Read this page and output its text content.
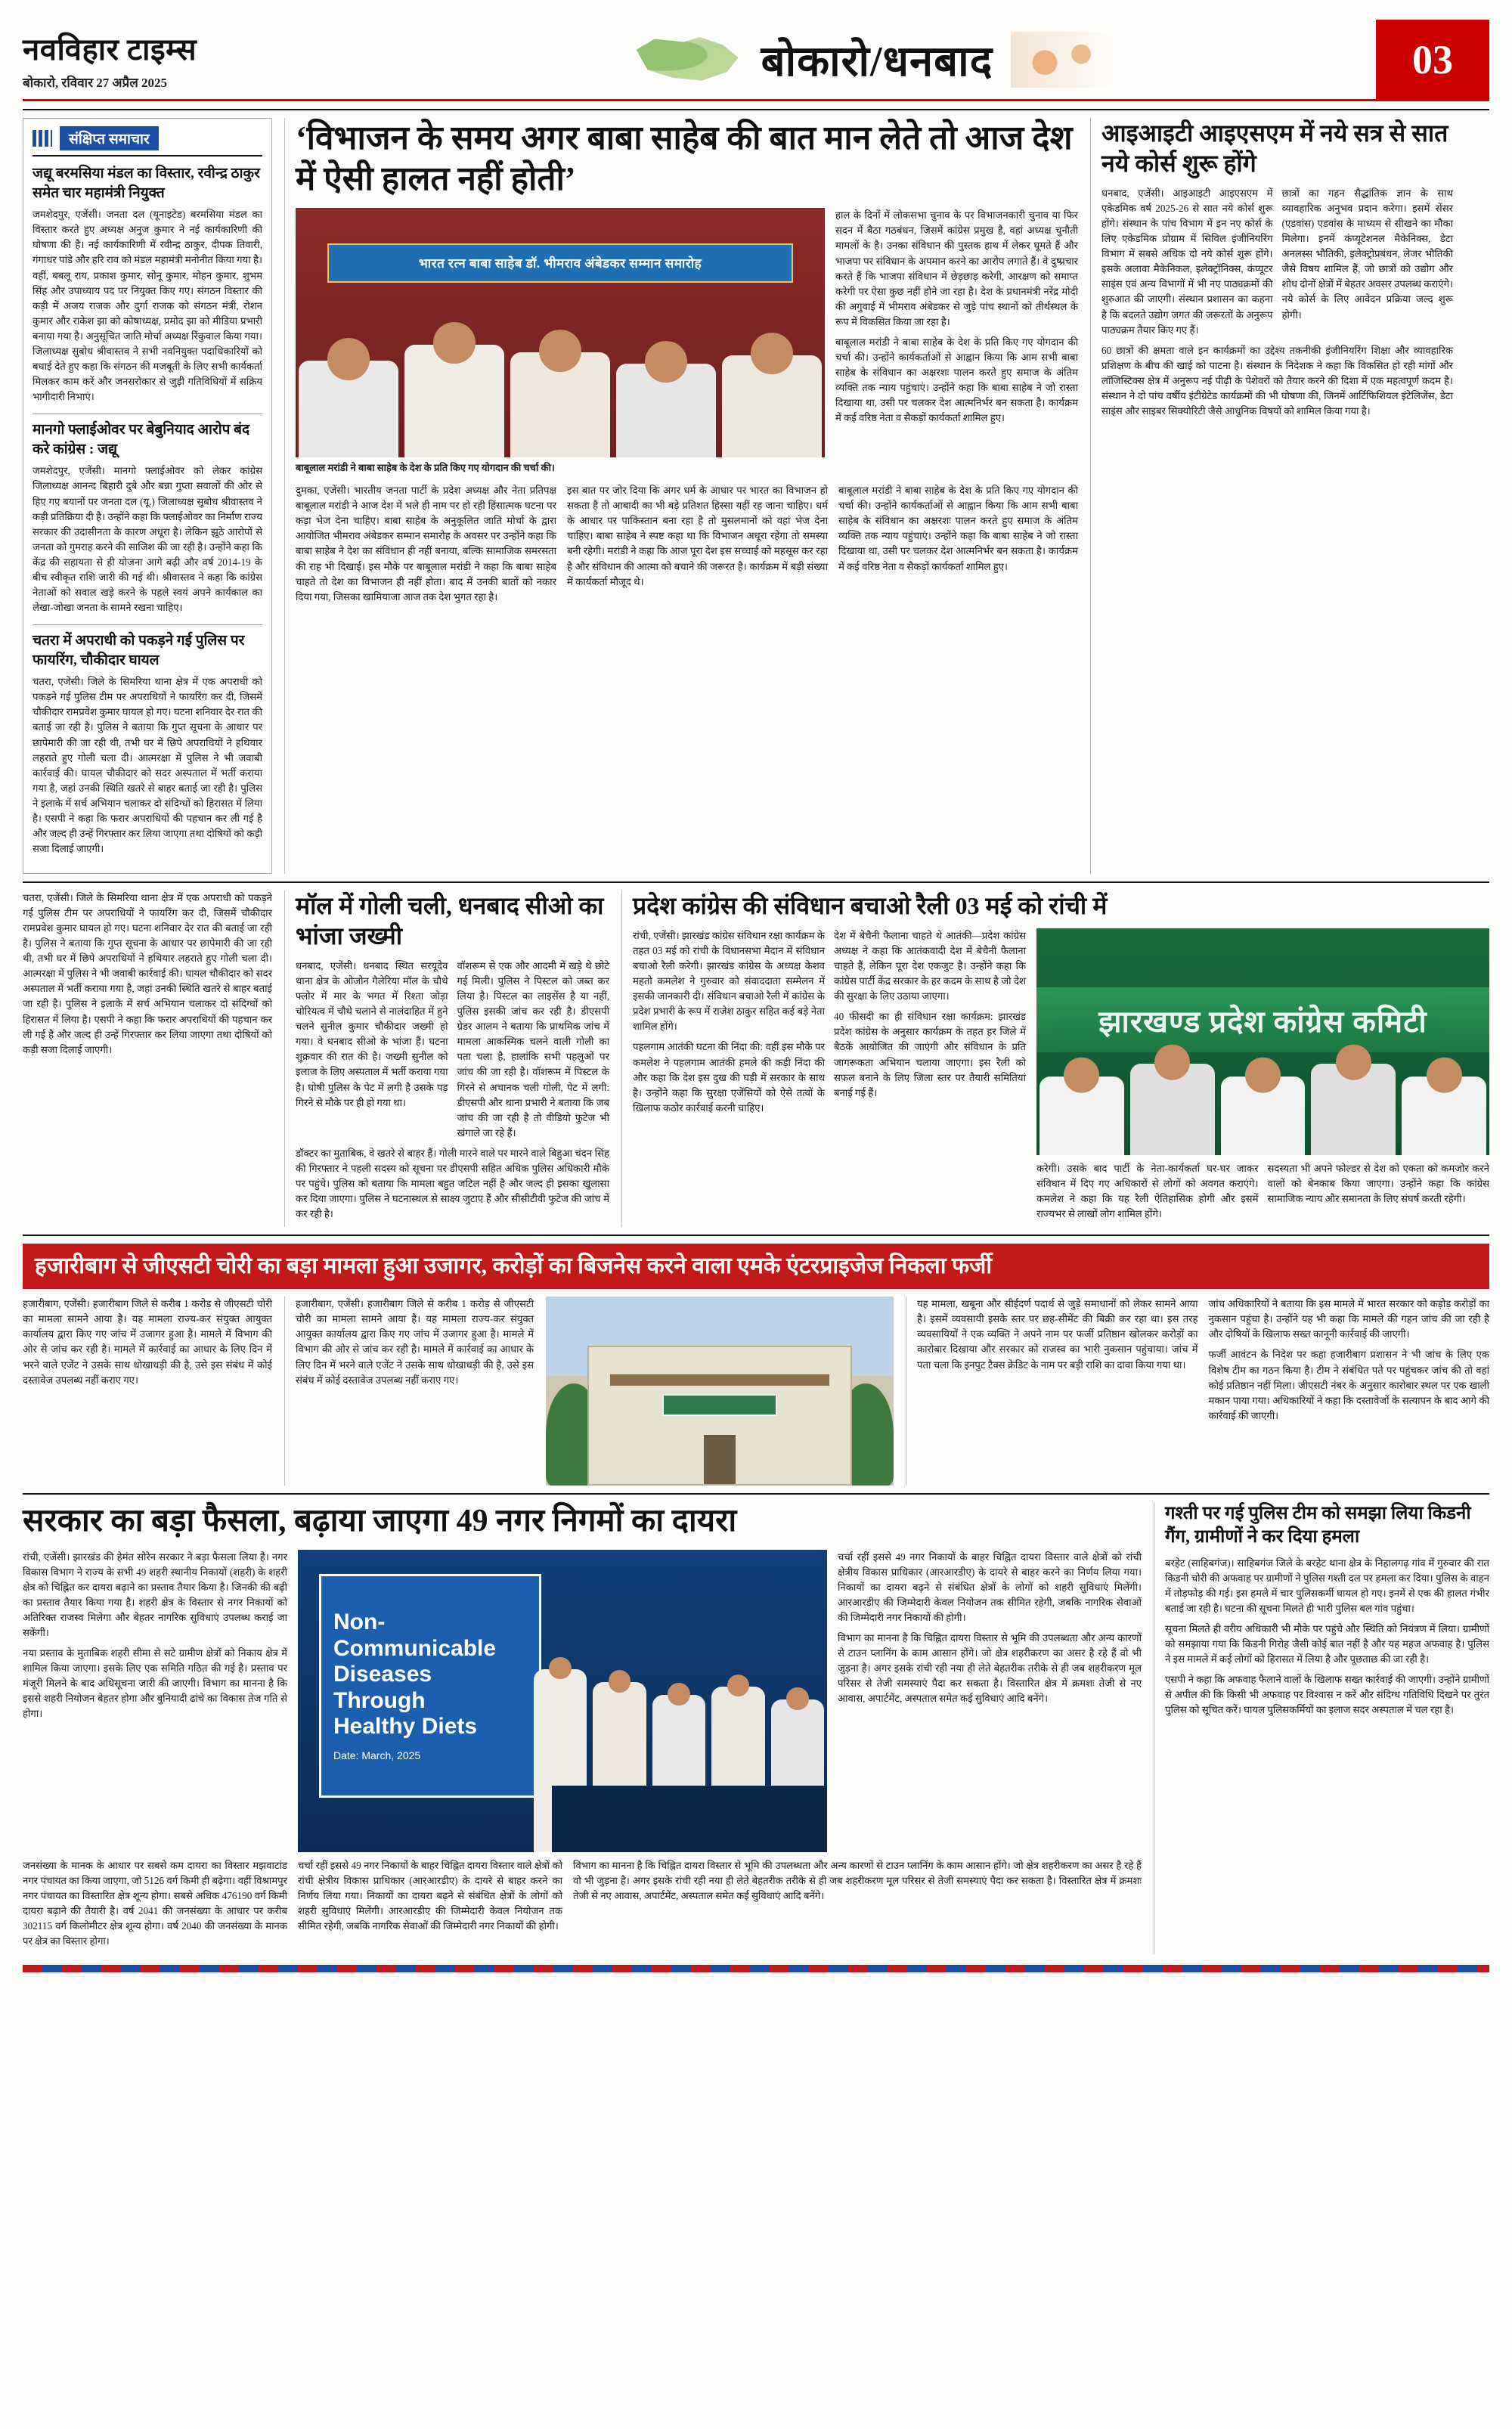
नवविहार टाइम्स
बोकारो, रविवार 27 अप्रैल 2025	बोकारो/धनबाद	03
संक्षिप्त समाचार
जद्यू बरमसिया मंडल का विस्तार, रवीन्द्र ठाकुर समेत चार महामंत्री नियुक्त

जमशेदपुर, एजेंसी। जनता दल (यूनाइटेड) बरमसिया मंडल का विस्तार करते हुए अध्यक्ष अनुज कुमार ने नई कार्यकारिणी की घोषणा की है। नई कार्यकारिणी में रवीन्द्र ठाकुर, दीपक तिवारी, गंगाधर पांडे और हरि राव को मंडल महामंत्री मनोनीत किया गया है। वहीं, बबलू राय, प्रकाश कुमार, सोनू कुमार, मोहन कुमार, शुभम सिंह और उपाध्याय पद पर नियुक्त किए गए। संगठन विस्तार की कड़ी में अजय राजक और दुर्गा राजक को संगठन मंत्री, रोशन कुमार और राकेश झा को कोषाध्यक्ष, प्रमोद झा को मीडिया प्रभारी बनाया गया है। अनुसूचित जाति मोर्चा अध्यक्ष रिंकुवाल किया गया। जिलाध्यक्ष सुबोध श्रीवास्तव ने सभी नवनियुक्त पदाधिकारियों को बधाई देते हुए कहा कि संगठन की मजबूती के लिए सभी कार्यकर्ता मिलकर काम करें और जनसरोकार से जुड़ी गतिविधियों में सक्रिय भागीदारी निभाएं।

मानगो फ्लाईओवर पर बेबुनियाद आरोप बंद करे कांग्रेस : जद्यू

जमशेदपुर, एजेंसी। मानगो फ्लाईओवर को लेकर कांग्रेस जिलाध्यक्ष आनन्द बिहारी दुबे और बन्ना गुप्ता सवालों की ओर से हिए गए बयानों पर जनता दल (यू.) जिलाध्यक्ष सुबोध श्रीवास्तव ने कड़ी प्रतिक्रिया दी है। उन्होंने कहा कि फ्लाईओवर का निर्माण राज्य सरकार की उदासीनता के कारण अधूरा है। लेकिन झूठे आरोपों से जनता को गुमराह करने की साजिश की जा रही है। उन्होंने कहा कि केंद्र की सहायता से ही योजना आगे बढ़ी और वर्ष 2014-19 के बीच स्वीकृत राशि जारी की गई थी। श्रीवास्तव ने कहा कि कांग्रेस नेताओं को सवाल खड़े करने के पहले स्वयं अपने कार्यकाल का लेखा-जोखा जनता के सामने रखना चाहिए।

चतरा में अपराधी को पकड़ने गई पुलिस पर फायरिंग, चौकीदार घायल

चतरा, एजेंसी। जिले के सिमरिया थाना क्षेत्र में एक अपराधी को पकड़ने गई पुलिस टीम पर अपराधियों ने फायरिंग कर दी, जिसमें चौकीदार रामप्रवेश कुमार घायल हो गए। घटना शनिवार देर रात की बताई जा रही है। पुलिस ने बताया कि गुप्त सूचना के आधार पर छापेमारी की जा रही थी, तभी घर में छिपे अपराधियों ने हथियार लहराते हुए गोली चला दी। आत्मरक्षा में पुलिस ने भी जवाबी कार्रवाई की। घायल चौकीदार को सदर अस्पताल में भर्ती कराया गया है, जहां उनकी स्थिति खतरे से बाहर बताई जा रही है। पुलिस ने इलाके में सर्च अभियान चलाकर दो संदिग्धों को हिरासत में लिया है। एसपी ने कहा कि फरार अपराधियों की पहचान कर ली गई है और जल्द ही उन्हें गिरफ्तार कर लिया जाएगा तथा दोषियों को कड़ी सजा दिलाई जाएगी।

‘विभाजन के समय अगर बाबा साहेब की बात मान लेते तो आज देश में ऐसी हालत नहीं होती’
भारत रत्न बाबा साहेब डॉ. भीमराव अंबेडकर सम्मान समारोह
बाबूलाल मरांडी ने बाबा साहेब के देश के प्रति किए गए योगदान की चर्चा की।

हाल के दिनों में लोकसभा चुनाव के पर विभाजनकारी चुनाव या फिर सदन में बैठा गठबंधन, जिसमें कांग्रेस प्रमुख है, वहां अध्यक्ष चुनौती मामलों के है। उनका संविधान की पुस्तक हाथ में लेकर घूमते हैं और भाजपा पर संविधान के अपमान करने का आरोप लगाते हैं। वे दुष्प्रचार करते हैं कि भाजपा संविधान में छेड़छाड़ करेगी, आरक्षण को समाप्त करेगी पर ऐसा कुछ नहीं होने जा रहा है। देश के प्रधानमंत्री नरेंद्र मोदी की अगुवाई में भीमराव अंबेडकर से जुड़े पांच स्थानों को तीर्थस्थल के रूप में विकसित किया जा रहा है।

बाबूलाल मरांडी ने बाबा साहेब के देश के प्रति किए गए योगदान की चर्चा की। उन्होंने कार्यकर्ताओं से आह्वान किया कि आम सभी बाबा साहेब के संविधान का अक्षरशः पालन करते हुए समाज के अंतिम व्यक्ति तक न्याय पहुंचाएं। उन्होंने कहा कि बाबा साहेब ने जो रास्ता दिखाया था, उसी पर चलकर देश आत्मनिर्भर बन सकता है। कार्यक्रम में कई वरिष्ठ नेता व सैकड़ों कार्यकर्ता शामिल हुए।

दुमका, एजेंसी। भारतीय जनता पार्टी के प्रदेश अध्यक्ष और नेता प्रतिपक्ष बाबूलाल मरांडी ने आज देश में भले ही नाम पर हो रही हिंसात्मक घटना पर कड़ा भेज देना चाहिए। बाबा साहेब के अनुकूलित जाति मोर्चा के द्वारा आयोजित भीमराव अंबेडकर सम्मान समारोह के अवसर पर उन्होंने कहा कि बाबा साहेब ने देश का संविधान ही नहीं बनाया, बल्कि सामाजिक समरसता की राह भी दिखाई। इस मौके पर बाबूलाल मरांडी ने कहा कि बाबा साहेब चाहते तो देश का विभाजन ही नहीं होता। बाद में उनकी बातों को नकार दिया गया, जिसका खामियाजा आज तक देश भुगत रहा है।

इस बात पर जोर दिया कि अगर धर्म के आधार पर भारत का विभाजन हो सकता है तो आबादी का भी बड़े प्रतिशत हिस्सा यहीं रह जाना चाहिए। धर्म के आधार पर पाकिस्तान बना रहा है तो मुसलमानों को वहां भेज देना चाहिए। बाबा साहेब ने स्पष्ट कहा था कि विभाजन अधूरा रहेगा तो समस्या बनी रहेगी। मरांडी ने कहा कि आज पूरा देश इस सच्चाई को महसूस कर रहा है और संविधान की आत्मा को बचाने की जरूरत है। कार्यक्रम में बड़ी संख्या में कार्यकर्ता मौजूद थे।

बाबूलाल मरांडी ने बाबा साहेब के देश के प्रति किए गए योगदान की चर्चा की। उन्होंने कार्यकर्ताओं से आह्वान किया कि आम सभी बाबा साहेब के संविधान का अक्षरशः पालन करते हुए समाज के अंतिम व्यक्ति तक न्याय पहुंचाएं। उन्होंने कहा कि बाबा साहेब ने जो रास्ता दिखाया था, उसी पर चलकर देश आत्मनिर्भर बन सकता है। कार्यक्रम में कई वरिष्ठ नेता व सैकड़ों कार्यकर्ता शामिल हुए।

आइआइटी आइएसएम में नये सत्र से सात नये कोर्स शुरू होंगे

धनबाद, एजेंसी। आइआइटी आइएसएम में एकेडमिक वर्ष 2025-26 से सात नये कोर्स शुरू होंगे। संस्थान के पांच विभाग में इन नए कोर्स के लिए एकेडमिक प्रोग्राम में सिविल इंजीनियरिंग विभाग में सबसे अधिक दो नये कोर्स शुरू होंगे। इसके अलावा मैकेनिकल, इलेक्ट्रॉनिक्स, कंप्यूटर साइंस एवं अन्य विभागों में भी नए पाठ्यक्रमों की शुरुआत की जाएगी। संस्थान प्रशासन का कहना है कि बदलते उद्योग जगत की जरूरतों के अनुरूप पाठ्यक्रम तैयार किए गए हैं।

छात्रों का गहन सैद्धांतिक ज्ञान के साथ व्यावहारिक अनुभव प्रदान करेगा। इसमें सेंसर (एडवांस) एडवांस के माध्यम से सीखने का मौका मिलेगा। इनमें कंप्यूटेशनल मैकेनिक्स, डेटा अनलस्स भौतिकी, इलेक्ट्रोप्रबंधन, लेजर भौतिकी जैसे विषय शामिल हैं, जो छात्रों को उद्योग और शोध दोनों क्षेत्रों में बेहतर अवसर उपलब्ध कराएंगे। नये कोर्स के लिए आवेदन प्रक्रिया जल्द शुरू होगी।

60 छात्रों की क्षमता वाले इन कार्यक्रमों का उद्देश्य तकनीकी इंजीनियरिंग शिक्षा और व्यावहारिक प्रशिक्षण के बीच की खाई को पाटना है। संस्थान के निदेशक ने कहा कि विकसित हो रही मांगों और लॉजिस्टिक्स क्षेत्र में अनुरूप नई पीढ़ी के पेशेवरों को तैयार करने की दिशा में एक महत्वपूर्ण कदम है। संस्थान ने दो पांच वर्षीय इंटीग्रेटेड कार्यक्रमों की भी घोषणा की, जिनमें आर्टिफिशियल इंटेलिजेंस, डेटा साइंस और साइबर सिक्योरिटी जैसे आधुनिक विषयों को शामिल किया गया है।

चतरा, एजेंसी। जिले के सिमरिया थाना क्षेत्र में एक अपराधी को पकड़ने गई पुलिस टीम पर अपराधियों ने फायरिंग कर दी, जिसमें चौकीदार रामप्रवेश कुमार घायल हो गए। घटना शनिवार देर रात की बताई जा रही है। पुलिस ने बताया कि गुप्त सूचना के आधार पर छापेमारी की जा रही थी, तभी घर में छिपे अपराधियों ने हथियार लहराते हुए गोली चला दी। आत्मरक्षा में पुलिस ने भी जवाबी कार्रवाई की। घायल चौकीदार को सदर अस्पताल में भर्ती कराया गया है, जहां उनकी स्थिति खतरे से बाहर बताई जा रही है। पुलिस ने इलाके में सर्च अभियान चलाकर दो संदिग्धों को हिरासत में लिया है। एसपी ने कहा कि फरार अपराधियों की पहचान कर ली गई है और जल्द ही उन्हें गिरफ्तार कर लिया जाएगा तथा दोषियों को कड़ी सजा दिलाई जाएगी।

मॉल में गोली चली, धनबाद सीओ का भांजा जख्मी

धनबाद, एजेंसी। धनबाद स्थित सरयूदेव थाना क्षेत्र के ओजोन गैलेरिया मॉल के चौथे फ्लोर में मार के भगत में रिश्ता जोड़ा चोरियत्व में चौथे चलाने से नालंदाहित में हुने चलने सुनील कुमार चौकीदार जख्मी हो गया। वे धनबाद सीओ के भांजा हैं। घटना शुक्रवार की रात की है। जख्मी सुनील को इलाज के लिए अस्पताल में भर्ती कराया गया है। घोषी पुलिस के पेट में लगी है उसके पड़ गिरने से मौके पर ही हो गया था।

वॉशरूम से एक और आदमी में खड़े थे छोटे गई मिली। पुलिस ने पिस्टल को जब्त कर लिया है। पिस्टल का लाइसेंस है या नहीं, पुलिस इसकी जांच कर रही है। डीएसपी ग्रेडर आलम ने बताया कि प्राथमिक जांच में मामला आकस्मिक चलने वाली गोली का पता चला है, हालांकि सभी पहलुओं पर जांच की जा रही है। वॉशरूम में पिस्टल के गिरने से अचानक चली गोली, पेट में लगी: डीएसपी और थाना प्रभारी ने बताया कि जब जांच की जा रही है तो वीडियो फुटेज भी खंगाले जा रहे हैं।

डॉक्टर का मुताबिक, वे खतरे से बाहर हैं। गोली मारने वाले पर मारने वाले बिहुआ चंदन सिंह की गिरफ्तार ने पहली सदस्य को सूचना पर डीएसपी सहित अधिक पुलिस अधिकारी मौके पर पहुंचे। पुलिस को बताया कि मामला बहुत जटिल नहीं है और जल्द ही इसका खुलासा कर दिया जाएगा। पुलिस ने घटनास्थल से साक्ष्य जुटाए हैं और सीसीटीवी फुटेज की जांच में कर रही है।

प्रदेश कांग्रेस की संविधान बचाओ रैली 03 मई को रांची में

रांची, एजेंसी। झारखंड कांग्रेस संविधान रक्षा कार्यक्रम के तहत 03 मई को रांची के विधानसभा मैदान में संविधान बचाओ रैली करेगी। झारखंड कांग्रेस के अध्यक्ष केशव महतो कमलेश ने गुरुवार को संवाददाता सम्मेलन में इसकी जानकारी दी। संविधान बचाओ रैली में कांग्रेस के प्रदेश प्रभारी के रूप में राजेश ठाकुर सहित कई बड़े नेता शामिल होंगे।

पहलगाम आतंकी घटना की निंदा की: वहीं इस मौके पर कमलेश ने पहलगाम आतंकी हमले की कड़ी निंदा की और कहा कि देश इस दुख की घड़ी में सरकार के साथ है। उन्होंने कहा कि सुरक्षा एजेंसियों को ऐसे तत्वों के खिलाफ कठोर कार्रवाई करनी चाहिए।

देश में बेचैनी फैलाना चाहते थे आतंकी—प्रदेश कांग्रेस अध्यक्ष ने कहा कि आतंकवादी देश में बेचैनी फैलाना चाहते हैं, लेकिन पूरा देश एकजुट है। उन्होंने कहा कि कांग्रेस पार्टी केंद्र सरकार के हर कदम के साथ है जो देश की सुरक्षा के लिए उठाया जाएगा।

40 फीसदी का ही संविधान रक्षा कार्यक्रम: झारखंड प्रदेश कांग्रेस के अनुसार कार्यक्रम के तहत हर जिले में बैठकें आयोजित की जाएंगी और संविधान के प्रति जागरूकता अभियान चलाया जाएगा। इस रैली को सफल बनाने के लिए जिला स्तर पर तैयारी समितियां बनाई गई हैं।

झारखण्ड प्रदेश कांग्रेस कमिटी

करेगी। उसके बाद पार्टी के नेता-कार्यकर्ता घर-घर जाकर संविधान में दिए गए अधिकारों से लोगों को अवगत कराएंगे। कमलेश ने कहा कि यह रैली ऐतिहासिक होगी और इसमें राज्यभर से लाखों लोग शामिल होंगे।

सदस्यता भी अपने फोल्डर से देश को एकता को कमजोर करने वालों को बेनकाब किया जाएगा। उन्होंने कहा कि कांग्रेस सामाजिक न्याय और समानता के लिए संघर्ष करती रहेगी।

हजारीबाग से जीएसटी चोरी का बड़ा मामला हुआ उजागर, करोड़ों का बिजनेस करने वाला एमके एंटरप्राइजेज निकला फर्जी

हजारीबाग, एजेंसी। हजारीबाग जिले से करीब 1 करोड़ से जीएसटी चोरी का मामला सामने आया है। यह मामला राज्य-कर संयुक्त आयुक्त कार्यालय द्वारा किए गए जांच में उजागर हुआ है। मामले में विभाग की ओर से जांच कर रही है। मामले में कार्रवाई का आधार के लिए दिन में भरने वाले एजेंट ने उसके साथ धोखाधड़ी की है, उसे इस संबंध में कोई दस्तावेज उपलब्ध नहीं कराए गए।

हजारीबाग, एजेंसी। हजारीबाग जिले से करीब 1 करोड़ से जीएसटी चोरी का मामला सामने आया है। यह मामला राज्य-कर संयुक्त आयुक्त कार्यालय द्वारा किए गए जांच में उजागर हुआ है। मामले में विभाग की ओर से जांच कर रही है। मामले में कार्रवाई का आधार के लिए दिन में भरने वाले एजेंट ने उसके साथ धोखाधड़ी की है, उसे इस संबंध में कोई दस्तावेज उपलब्ध नहीं कराए गए।

यह मामला, खबूना और सीईदर्ण पदार्थ से जुड़े समाधानों को लेकर सामने आया है। इसमें व्यवसायी इसके स्तर पर छह-सीमेंट की बिक्री कर रहा था। इस तरह व्यवसायियों ने एक व्यक्ति ने अपने नाम पर फर्जी प्रतिष्ठान खोलकर करोड़ों का कारोबार दिखाया और सरकार को राजस्व का भारी नुकसान पहुंचाया। जांच में पता चला कि इनपुट टैक्स क्रेडिट के नाम पर बड़ी राशि का दावा किया गया था।

जांच अधिकारियों ने बताया कि इस मामले में भारत सरकार को कड़ोड़ करोड़ों का नुकसान पहुंचा है। उन्होंने यह भी कहा कि मामले की गहन जांच की जा रही है और दोषियों के खिलाफ सख्त कानूनी कार्रवाई की जाएगी।

फर्जी आवंटन के निदेश पर कहा हजारीबाग प्रशासन ने भी जांच के लिए एक विशेष टीम का गठन किया है। टीम ने संबंधित पते पर पहुंचकर जांच की तो वहां कोई प्रतिष्ठान नहीं मिला। जीएसटी नंबर के अनुसार कारोबार स्थल पर एक खाली मकान पाया गया। अधिकारियों ने कहा कि दस्तावेजों के सत्यापन के बाद आगे की कार्रवाई की जाएगी।

सरकार का बड़ा फैसला, बढ़ाया जाएगा 49 नगर निगमों का दायरा

रांची, एजेंसी। झारखंड की हेमंत सोरेन सरकार ने बड़ा फैसला लिया है। नगर विकास विभाग ने राज्य के सभी 49 शहरी स्थानीय निकायों (शहरी) के शहरी क्षेत्र को चिह्नित कर दायरा बढ़ाने का प्रस्ताव तैयार किया है। जिनकी की बढ़ी का प्रस्ताव तैयार किया गया है। शहरी क्षेत्र के विस्तार से नगर निकायों को अतिरिक्त राजस्व मिलेगा और बेहतर नागरिक सुविधाएं उपलब्ध कराई जा सकेंगी।

नया प्रस्ताव के मुताबिक शहरी सीमा से सटे ग्रामीण क्षेत्रों को निकाय क्षेत्र में शामिल किया जाएगा। इसके लिए एक समिति गठित की गई है। प्रस्ताव पर मंजूरी मिलने के बाद अधिसूचना जारी की जाएगी। विभाग का मानना है कि इससे शहरी नियोजन बेहतर होगा और बुनियादी ढांचे का विकास तेज गति से होगा।

Non-Communicable
Diseases Through
Healthy Diets
Date: March, 2025

चर्चा रहीं इससे 49 नगर निकायों के बाहर चिह्नित दायरा विस्तार वाले क्षेत्रों को रांची क्षेत्रीय विकास प्राधिकार (आरआरडीए) के दायरे से बाहर करने का निर्णय लिया गया। निकायों का दायरा बढ़ने से संबंधित क्षेत्रों के लोगों को शहरी सुविधाएं मिलेंगी। आरआरडीए की जिम्मेदारी केवल नियोजन तक सीमित रहेगी, जबकि नागरिक सेवाओं की जिम्मेदारी नगर निकायों की होगी।

विभाग का मानना है कि चिह्नित दायरा विस्तार से भूमि की उपलब्धता और अन्य कारणों से टाउन प्लानिंग के काम आसान होंगे। जो क्षेत्र शहरीकरण का असर है रहे हैं वो भी जुड़ना है। अगर इसके रांची रही नया ही लेते बेहतरीक तरीके से ही जब शहरीकरण मूल परिसर से तेजी समस्याएं पैदा कर सकता है। विस्तारित क्षेत्र में क्रमशः तेजी से नए आवास, अपार्टमेंट, अस्पताल समेत कई सुविधाएं आदि बनेंगे।

जनसंख्या के मानक के आधार पर सबसे कम दायरा का विस्तार मझवाटांड नगर पंचायत का किया जाएगा, जो 5126 वर्ग किमी ही बढ़ेगा। वहीं विश्रामपुर नगर पंचायत का विस्तारित क्षेत्र शून्य होगा। सबसे अधिक 476190 वर्ग किमी दायरा बढ़ाने की तैयारी है। वर्ष 2041 की जनसंख्या के आधार पर करीब 302115 वर्ग किलोमीटर क्षेत्र शून्य होगा। वर्ष 2040 की जनसंख्या के मानक पर क्षेत्र का विस्तार होगा।

चर्चा रहीं इससे 49 नगर निकायों के बाहर चिह्नित दायरा विस्तार वाले क्षेत्रों को रांची क्षेत्रीय विकास प्राधिकार (आरआरडीए) के दायरे से बाहर करने का निर्णय लिया गया। निकायों का दायरा बढ़ने से संबंधित क्षेत्रों के लोगों को शहरी सुविधाएं मिलेंगी। आरआरडीए की जिम्मेदारी केवल नियोजन तक सीमित रहेगी, जबकि नागरिक सेवाओं की जिम्मेदारी नगर निकायों की होगी।

विभाग का मानना है कि चिह्नित दायरा विस्तार से भूमि की उपलब्धता और अन्य कारणों से टाउन प्लानिंग के काम आसान होंगे। जो क्षेत्र शहरीकरण का असर है रहे हैं वो भी जुड़ना है। अगर इसके रांची रही नया ही लेते बेहतरीक तरीके से ही जब शहरीकरण मूल परिसर से तेजी समस्याएं पैदा कर सकता है। विस्तारित क्षेत्र में क्रमशः तेजी से नए आवास, अपार्टमेंट, अस्पताल समेत कई सुविधाएं आदि बनेंगे।

गश्ती पर गई पुलिस टीम को समझा लिया किडनी गैंग, ग्रामीणों ने कर दिया हमला

बरहेट (साहिबगंज)। साहिबगंज जिले के बरहेट थाना क्षेत्र के निहालगढ़ गांव में गुरुवार की रात किडनी चोरी की अफवाह पर ग्रामीणों ने पुलिस गश्ती दल पर हमला कर दिया। पुलिस के वाहन में तोड़फोड़ की गई। इस हमले में चार पुलिसकर्मी घायल हो गए। इनमें से एक की हालत गंभीर बताई जा रही है। घटना की सूचना मिलते ही भारी पुलिस बल गांव पहुंचा।

सूचना मिलते ही वरीय अधिकारी भी मौके पर पहुंचे और स्थिति को नियंत्रण में लिया। ग्रामीणों को समझाया गया कि किडनी गिरोह जैसी कोई बात नहीं है और यह महज अफवाह है। पुलिस ने इस मामले में कई लोगों को हिरासत में लिया है और पूछताछ की जा रही है।

एसपी ने कहा कि अफवाह फैलाने वालों के खिलाफ सख्त कार्रवाई की जाएगी। उन्होंने ग्रामीणों से अपील की कि किसी भी अफवाह पर विश्वास न करें और संदिग्ध गतिविधि दिखने पर तुरंत पुलिस को सूचित करें। घायल पुलिसकर्मियों का इलाज सदर अस्पताल में चल रहा है।
